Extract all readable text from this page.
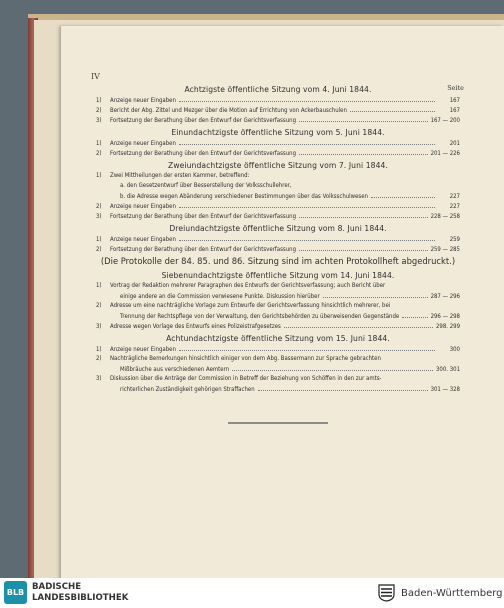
IV
Achtzigste öffentliche Sitzung vom 4. Juni 1844.	Seite
1)	Anzeige neuer Eingaben	167
2)	Bericht der Abg. Zittel und Mezger über die Motion auf Errichtung von Ackerbauschulen	167
3)	Fortsetzung der Berathung über den Entwurf der Gerichtsverfassung	167 — 200
Einundachtzigste öffentliche Sitzung vom 5. Juni 1844.
1)	Anzeige neuer Eingaben	201
2)	Fortsetzung der Berathung über den Entwurf der Gerichtsverfassung	201 — 226
Zweiundachtzigste öffentliche Sitzung vom 7. Juni 1844.
1)	Zwei Mittheilungen der ersten Kammer, betreffend:
a. den Gesetzentwurf über Besserstellung der Volksschullehrer,
b. die Adresse wegen Abänderung verschiedener Bestimmungen über das Volksschulwesen	227
2)	Anzeige neuer Eingaben	227
3)	Fortsetzung der Berathung über den Entwurf der Gerichtsverfassung	228 — 258
Dreiundachtzigste öffentliche Sitzung vom 8. Juni 1844.
1)	Anzeige neuer Eingaben	259
2)	Fortsetzung der Berathung über den Entwurf der Gerichtsverfassung	259 — 285
(Die Protokolle der 84. 85. und 86. Sitzung sind im achten Protokollheft abgedruckt.)
Siebenundachtzigste öffentliche Sitzung vom 14. Juni 1844.
1)	Vortrag der Redaktion mehrerer Paragraphen des Entwurfs der Gerichtsverfassung; auch Bericht über
einige andere an die Commission verwiesene Punkte. Diskussion hierüber	287 — 296
2)	Adresse um eine nachträgliche Vorlage zum Entwurfe der Gerichtsverfassung hinsichtlich mehrerer, bei
Trennung der Rechtspflege von der Verwaltung, den Gerichtsbehörden zu überweisenden Gegenstände	296 — 298
3)	Adresse wegen Vorlage des Entwurfs eines Polizeistrafgesetzes	298. 299
Achtundachtzigste öffentliche Sitzung vom 15. Juni 1844.
1)	Anzeige neuer Eingaben	300
2)	Nachträgliche Bemerkungen hinsichtlich einiger von dem Abg. Bassermann zur Sprache gebrachten
Mißbräuche aus verschiedenen Aemtern	300. 301
3)	Diskussion über die Anträge der Commission in Betreff der Beziehung von Schöffen in den zur amts-
richterlichen Zuständigkeit gehörigen Straffachen	301 — 328
BLB
BADISCHE
LANDESBIBLIOTHEK	Baden-Württemberg
